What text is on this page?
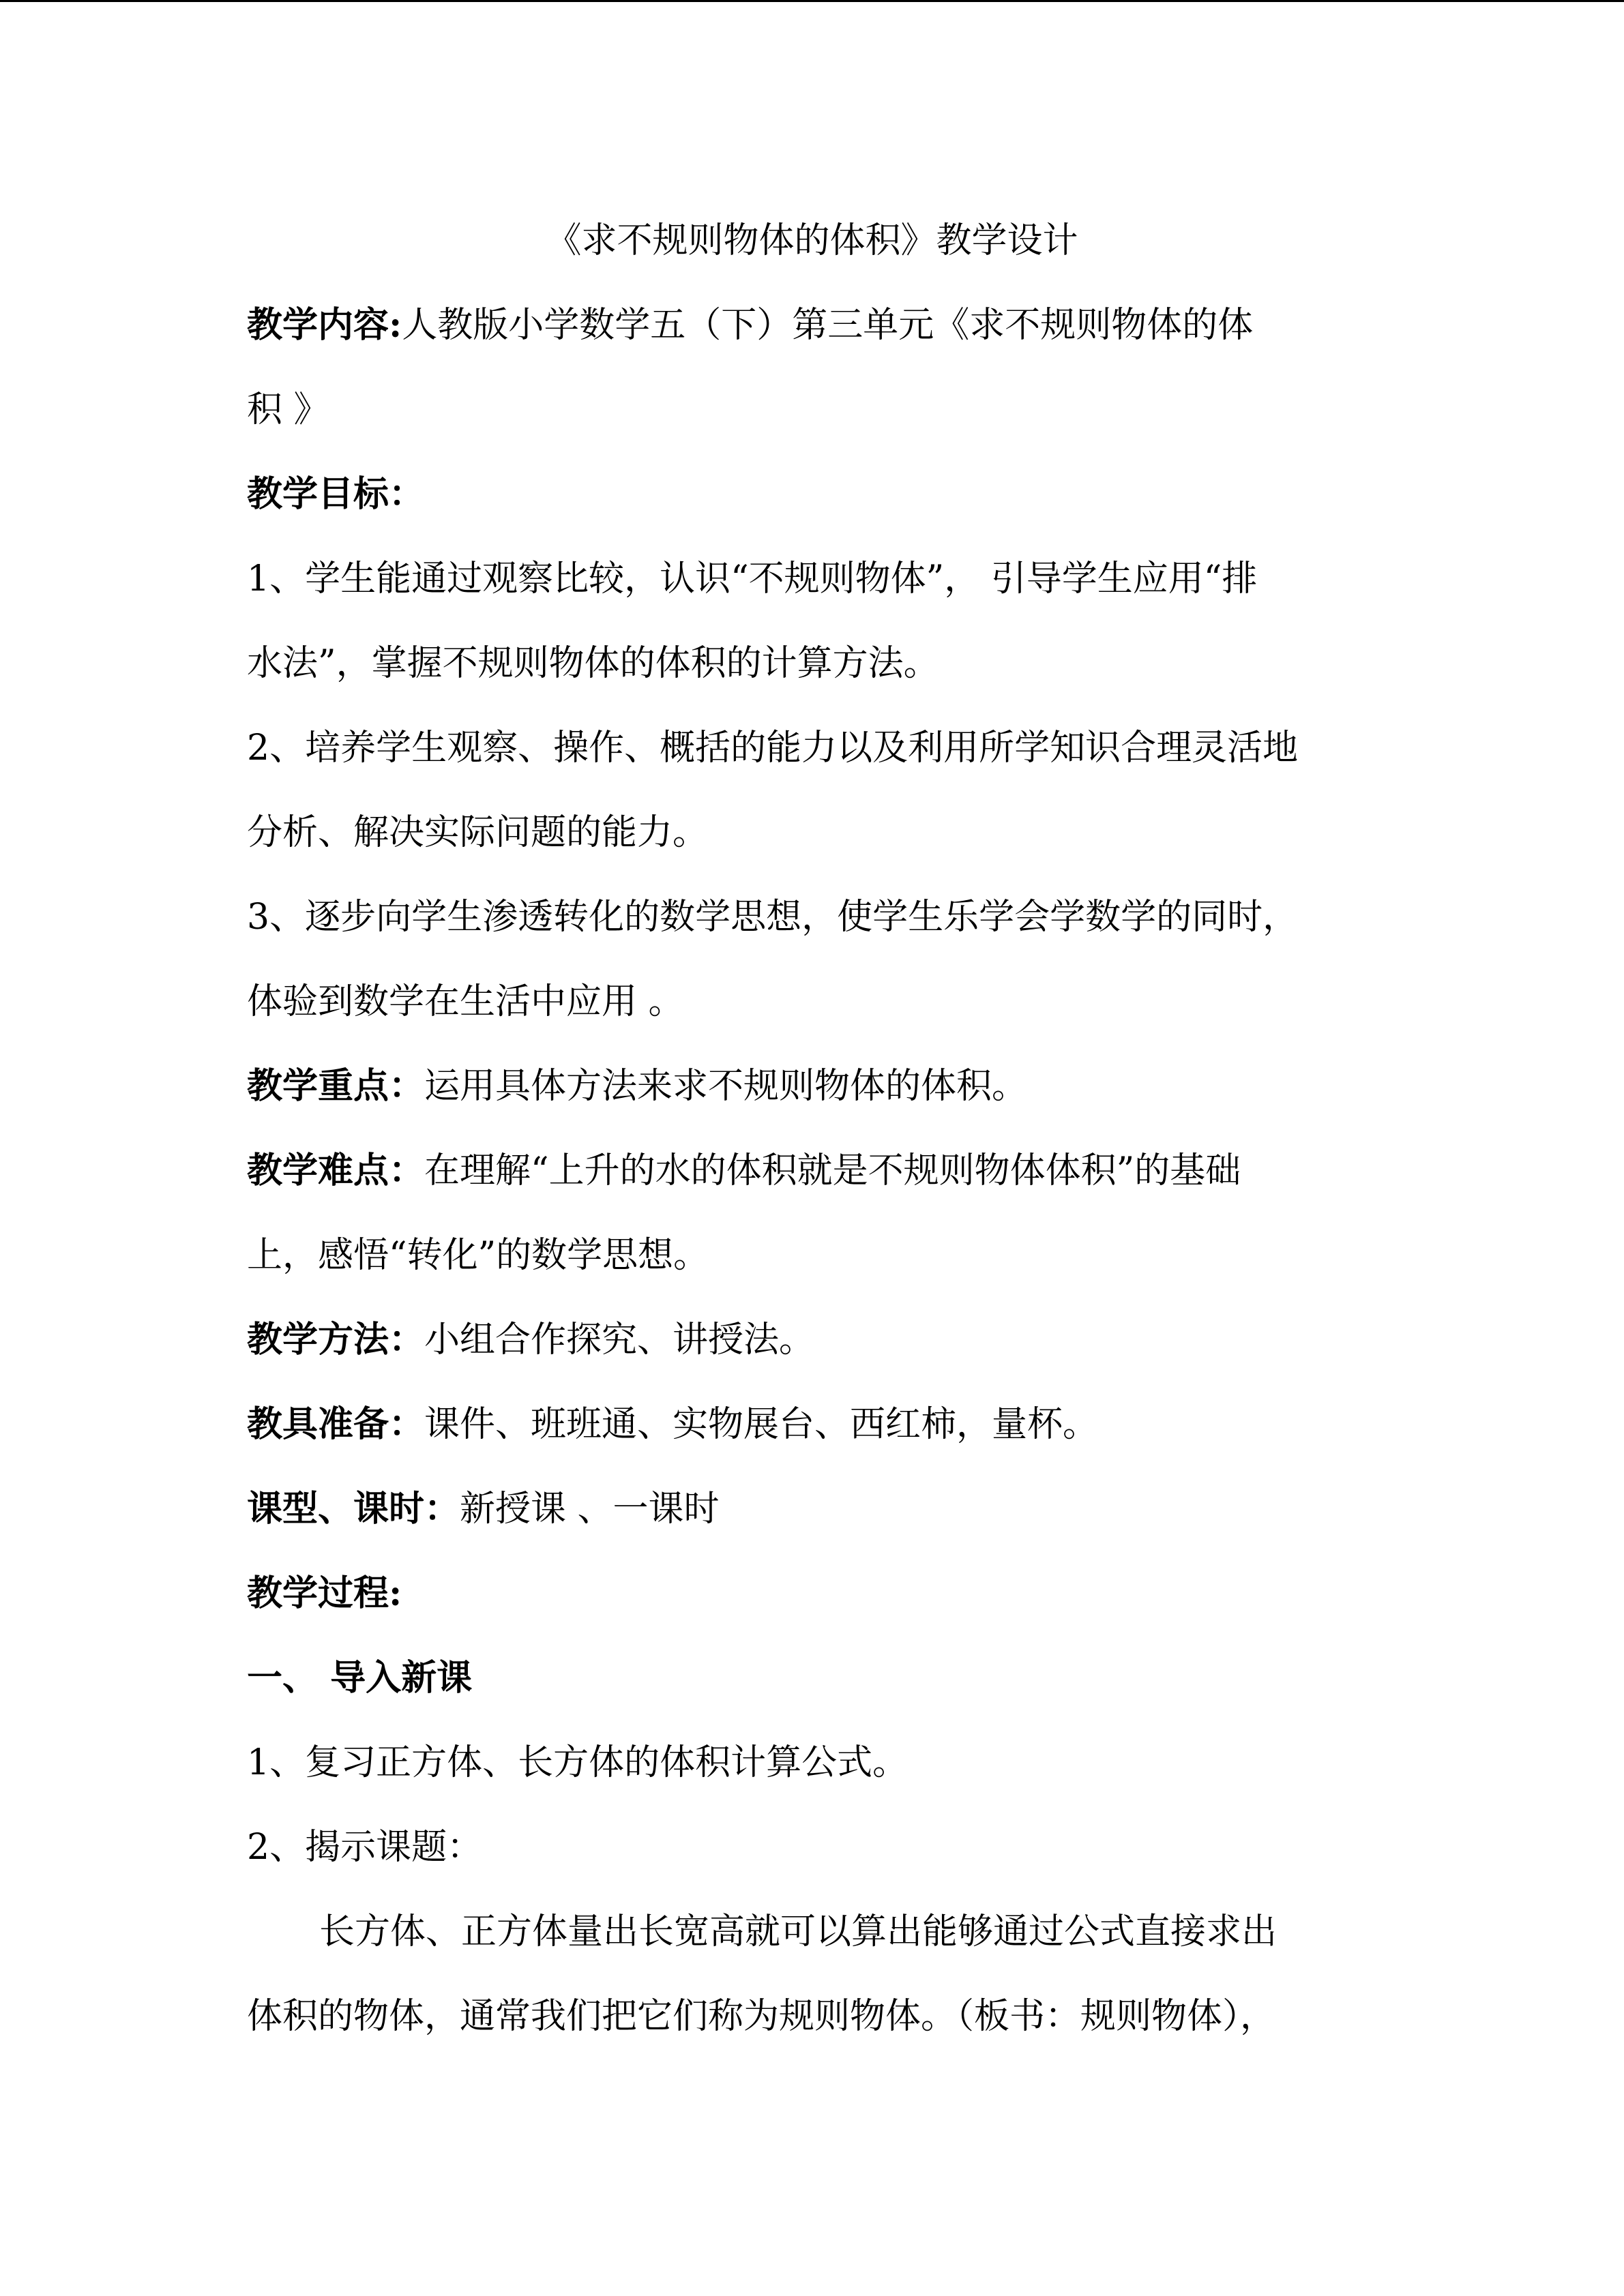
《求不规则物体的体积》教学设计
教学内容:人教版小学数学五（下）第三单元《求不规则物体的体
积 》
教学目标：
1、学生能通过观察比较，认识“不规则物体”， 引导学生应用“排
水法”，掌握不规则物体的体积的计算方法。
2、培养学生观察、操作、概括的能力以及利用所学知识合理灵活地
分析、解决实际问题的能力。
3、逐步向学生渗透转化的数学思想，使学生乐学会学数学的同时，
体验到数学在生活中应用 。
教学重点：运用具体方法来求不规则物体的体积。
教学难点：在理解“上升的水的体积就是不规则物体体积”的基础
上，感悟“转化”的数学思想。
教学方法：小组合作探究、讲授法。
教具准备：课件、班班通、实物展台、西红柿，量杯。
课型、课时：新授课 、一课时
教学过程:
一、 导入新课
1、复习正方体、长方体的体积计算公式。
2、揭示课题：
长方体、正方体量出长宽高就可以算出能够通过公式直接求出
体积的物体，通常我们把它们称为规则物体。（板书：规则物体），
